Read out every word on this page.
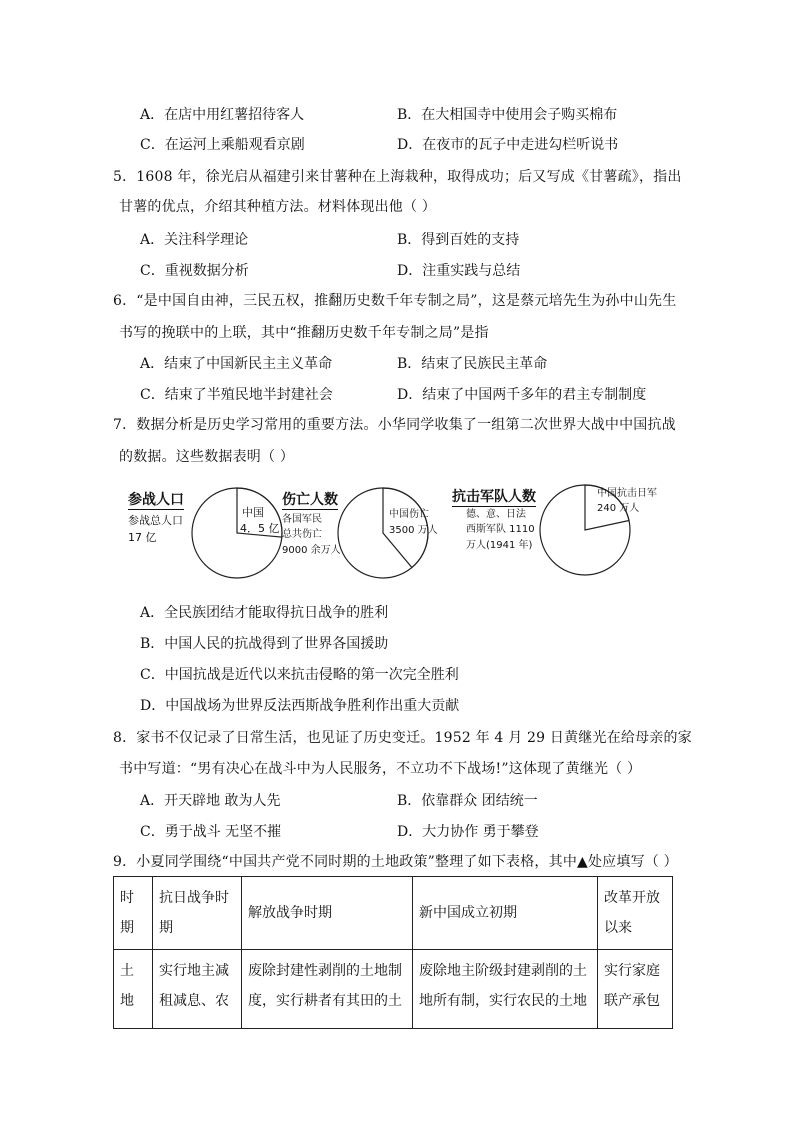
A．在店中用红薯招待客人	B．在大相国寺中使用会子购买棉布
C．在运河上乘船观看京剧	D．在夜市的瓦子中走进勾栏听说书
5．1608 年，徐光启从福建引来甘薯种在上海栽种，取得成功；后又写成《甘薯疏》，指出
甘薯的优点，介绍其种植方法。材料体现出他（ ）
A．关注科学理论	B．得到百姓的支持
C．重视数据分析	D．注重实践与总结
6．“是中国自由神，三民五权，推翻历史数千年专制之局”，这是蔡元培先生为孙中山先生
书写的挽联中的上联，其中“推翻历史数千年专制之局”是指
A．结束了中国新民主主义革命	B．结束了民族民主革命
C．结束了半殖民地半封建社会	D．结束了中国两千多年的君主专制制度
7．数据分析是历史学习常用的重要方法。小华同学收集了一组第二次世界大战中中国抗战
的数据。这些数据表明（ ）
参战人口
参战总人口
17 亿
伤亡人数
各国军民
总共伤亡
9000 余万人
抗击军队人数
德、意、日法
西斯军队 1110
万人(1941 年)
中国
4．5 亿
中国伤亡
3500 万人
中国抗击日军
240 万人
A．全民族团结才能取得抗日战争的胜利
B．中国人民的抗战得到了世界各国援助
C．中国抗战是近代以来抗击侵略的第一次完全胜利
D．中国战场为世界反法西斯战争胜利作出重大贡献
8．家书不仅记录了日常生活，也见证了历史变迁。1952 年 4 月 29 日黄继光在给母亲的家
书中写道：“男有决心在战斗中为人民服务，不立功不下战场!”这体现了黄继光（ ）
A．开天辟地 敢为人先	B．依靠群众 团结统一
C．勇于战斗 无坚不摧	D．大力协作 勇于攀登
9．小夏同学围绕“中国共产党不同时期的土地政策”整理了如下表格，其中▲处应填写（ ）
时期	抗日战争时期	解放战争时期	新中国成立初期	改革开放以来
土地	实行地主减租减息、农	废除封建性剥削的土地制度，实行耕者有其田的土	废除地主阶级封建剥削的土地所有制，实行农民的土地	实行家庭联产承包
